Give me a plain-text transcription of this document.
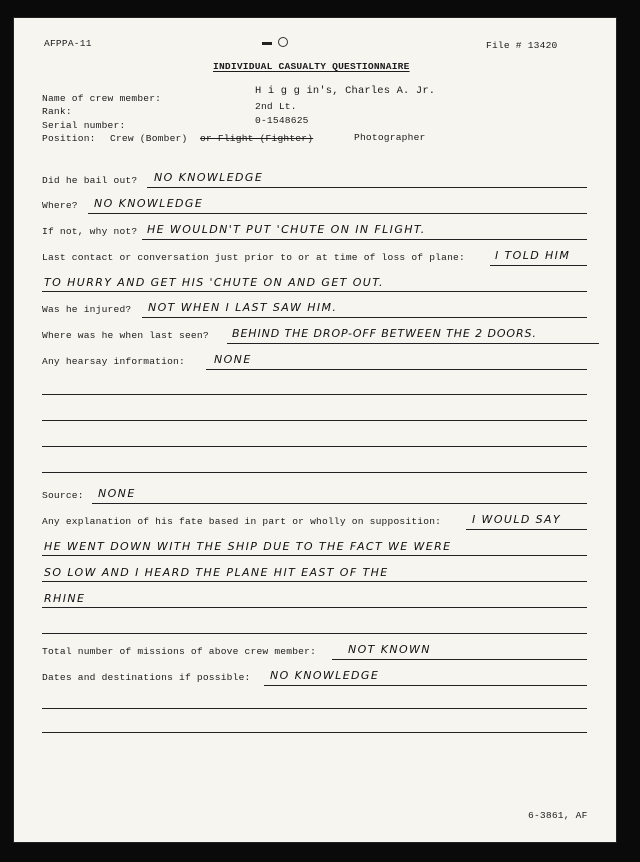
AFPPA-11	File # 13420
INDIVIDUAL CASUALTY QUESTIONNAIRE
Name of crew member:
H i g g in's, Charles A. Jr.
Rank:	2nd Lt.
Serial number:	0-1548625
Position: Crew (Bomber) or Flight (Fighter)	Photographer
Did he bail out? NO KNOWLEDGE
Where? NO KNOWLEDGE
If not, why not? HE WOULDN'T PUT 'CHUTE ON IN FLIGHT.
Last contact or conversation just prior to or at time of loss of plane:	I TOLD HIM
TO HURRY AND GET HIS 'CHUTE ON AND GET OUT.
Was he injured? NOT WHEN I LAST SAW HIM.
Where was he when last seen? BEHIND THE DROP-OFF BETWEEN THE 2 DOORS.
Any hearsay information:	NONE
Source: NONE
Any explanation of his fate based in part or wholly on supposition:	I WOULD SAY
HE WENT DOWN WITH THE SHIP DUE TO THE FACT WE WERE
SO LOW AND I HEARD THE PLANE HIT EAST OF THE
RHINE
Total number of missions of above crew member:	NOT KNOWN
Dates and destinations if possible: NO KNOWLEDGE
6-3861, AF
